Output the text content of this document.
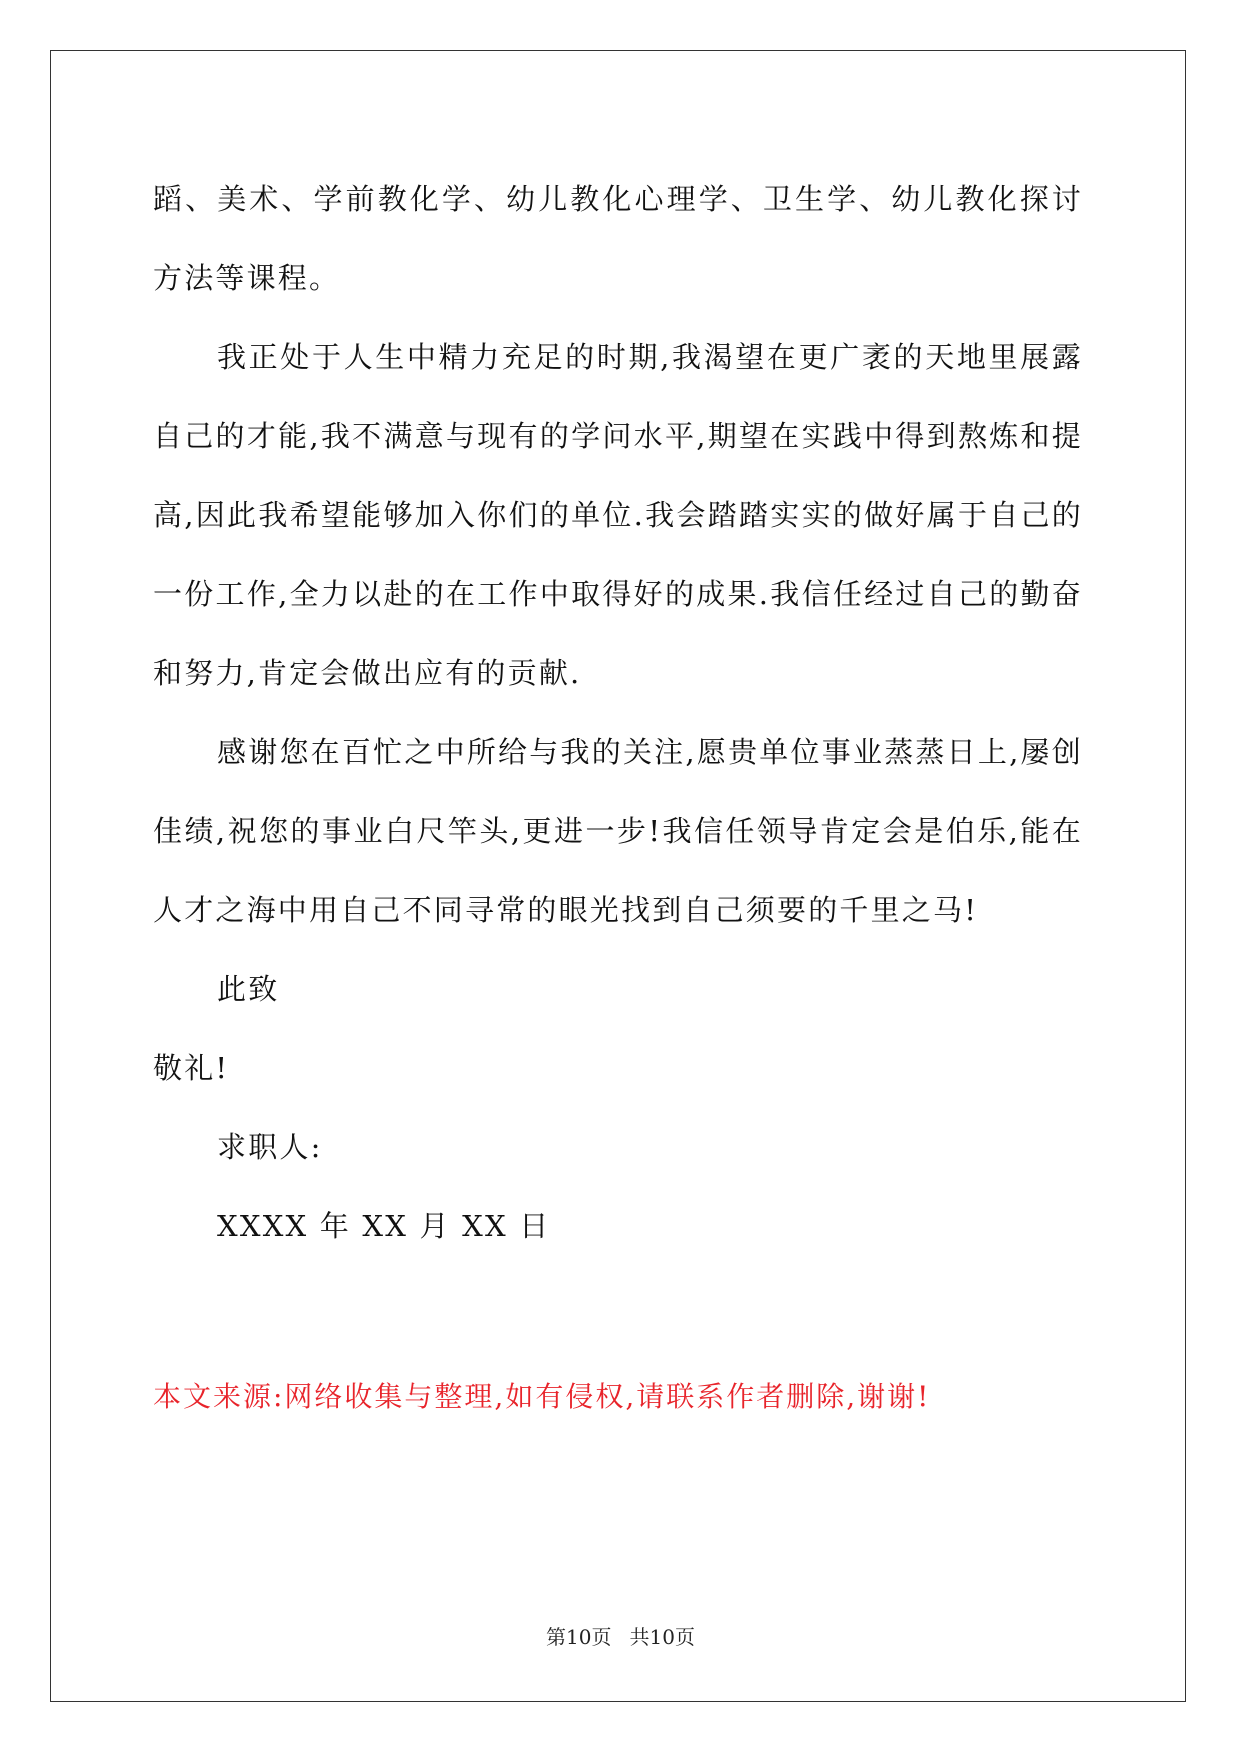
蹈、美术、学前教化学、幼儿教化心理学、卫生学、幼儿教化探讨方法等课程。

我正处于人生中精力充足的时期,我渴望在更广袤的天地里展露自己的才能,我不满意与现有的学问水平,期望在实践中得到熬炼和提高,因此我希望能够加入你们的单位.我会踏踏实实的做好属于自己的一份工作,全力以赴的在工作中取得好的成果.我信任经过自己的勤奋和努力,肯定会做出应有的贡献.

感谢您在百忙之中所给与我的关注,愿贵单位事业蒸蒸日上,屡创佳绩,祝您的事业白尺竿头,更进一步!我信任领导肯定会是伯乐,能在人才之海中用自己不同寻常的眼光找到自己须要的千里之马!

此致

敬礼!

求职人:

XXXX 年 XX 月 XX 日

本文来源:网络收集与整理,如有侵权,请联系作者删除,谢谢!
第10页 共10页
